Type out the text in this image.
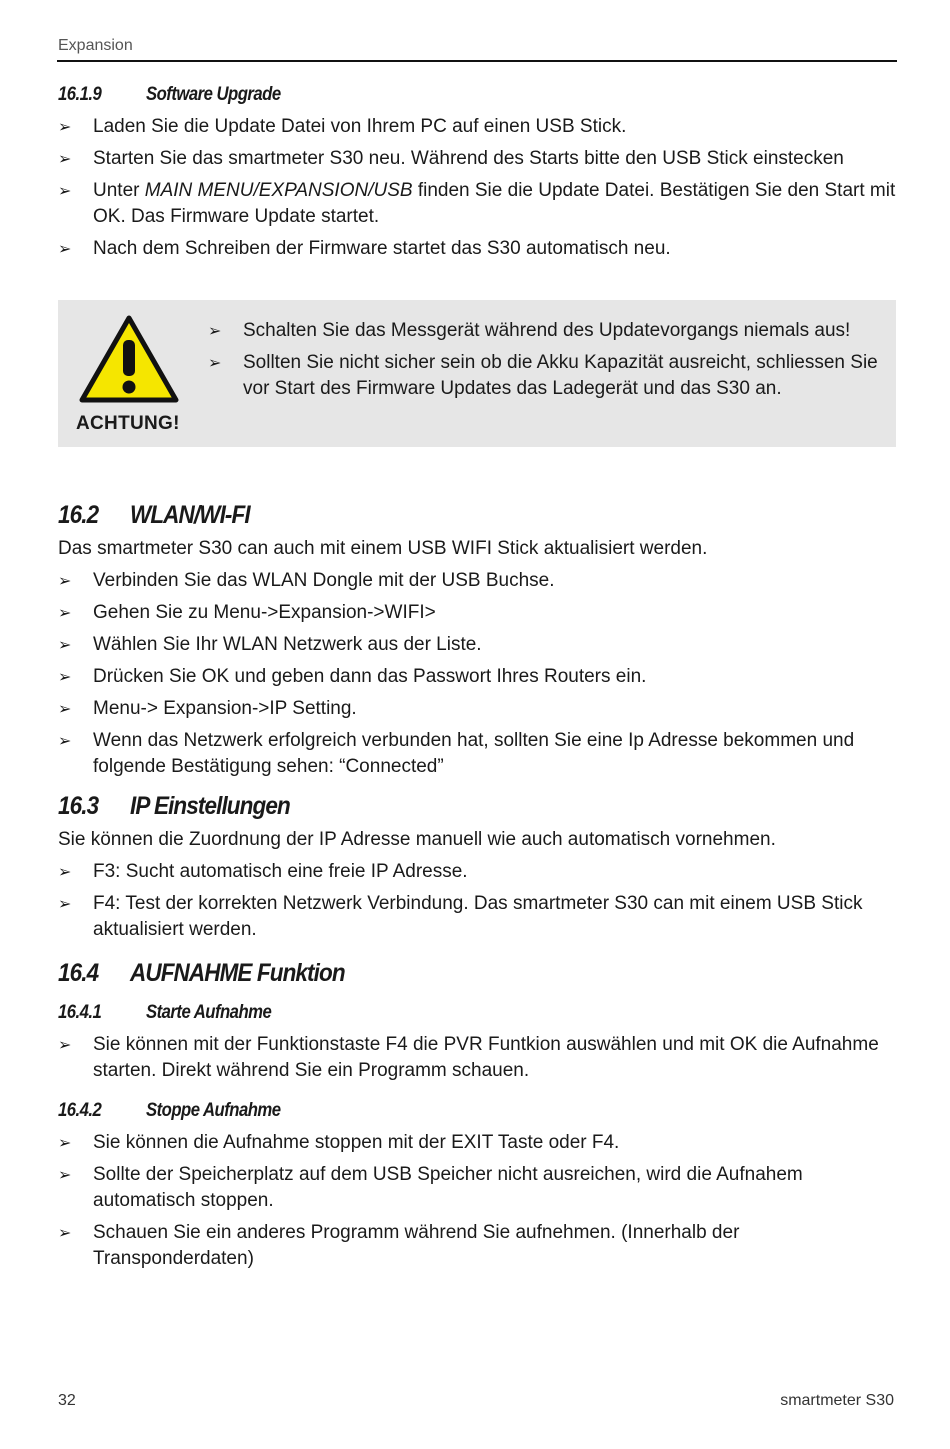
Expansion
16.1.9	Software Upgrade
➢ Laden Sie die Update Datei von Ihrem PC auf einen USB Stick.
➢ Starten Sie das smartmeter S30 neu. Während des Starts bitte den USB Stick einstecken
➢ Unter MAIN MENU/EXPANSION/USB finden Sie die Update Datei. Bestätigen Sie den Start mit OK. Das Firmware Update startet.
➢ Nach dem Schreiben der Firmware startet das S30 automatisch neu.
ACHTUNG!
➢ Schalten Sie das Messgerät während des Updatevorgangs niemals aus!
➢ Sollten Sie nicht sicher sein ob die Akku Kapazität ausreicht, schliessen Sie vor Start des Firmware Updates das Ladegerät und das S30 an.
16.2	WLAN/WI-FI

Das smartmeter S30 can auch mit einem USB WIFI Stick aktualisiert werden.

➢ Verbinden Sie das WLAN Dongle mit der USB Buchse.
➢ Gehen Sie zu Menu->Expansion->WIFI>
➢ Wählen Sie Ihr WLAN Netzwerk aus der Liste.
➢ Drücken Sie OK und geben dann das Passwort Ihres Routers ein.
➢ Menu-> Expansion->IP Setting.
➢ Wenn das Netzwerk erfolgreich verbunden hat, sollten Sie eine Ip Adresse bekommen und folgende Bestätigung sehen: “Connected”
16.3	IP Einstellungen

Sie können die Zuordnung der IP Adresse manuell wie auch automatisch vornehmen.

➢ F3: Sucht automatisch eine freie IP Adresse.
➢ F4: Test der korrekten Netzwerk Verbindung. Das smartmeter S30 can mit einem USB Stick aktualisiert werden.
16.4	AUFNAHME Funktion
16.4.1	Starte Aufnahme
➢ Sie können mit der Funktionstaste F4 die PVR Funtkion auswählen und mit OK die Aufnahme starten. Direkt während Sie ein Programm schauen.
16.4.2	Stoppe Aufnahme
➢ Sie können die Aufnahme stoppen mit der EXIT Taste oder F4.
➢ Sollte der Speicherplatz auf dem USB Speicher nicht ausreichen, wird die Aufnahem automatisch stoppen.
➢ Schauen Sie ein anderes Programm während Sie aufnehmen. (Innerhalb der Transponderdaten)
32	smartmeter S30
